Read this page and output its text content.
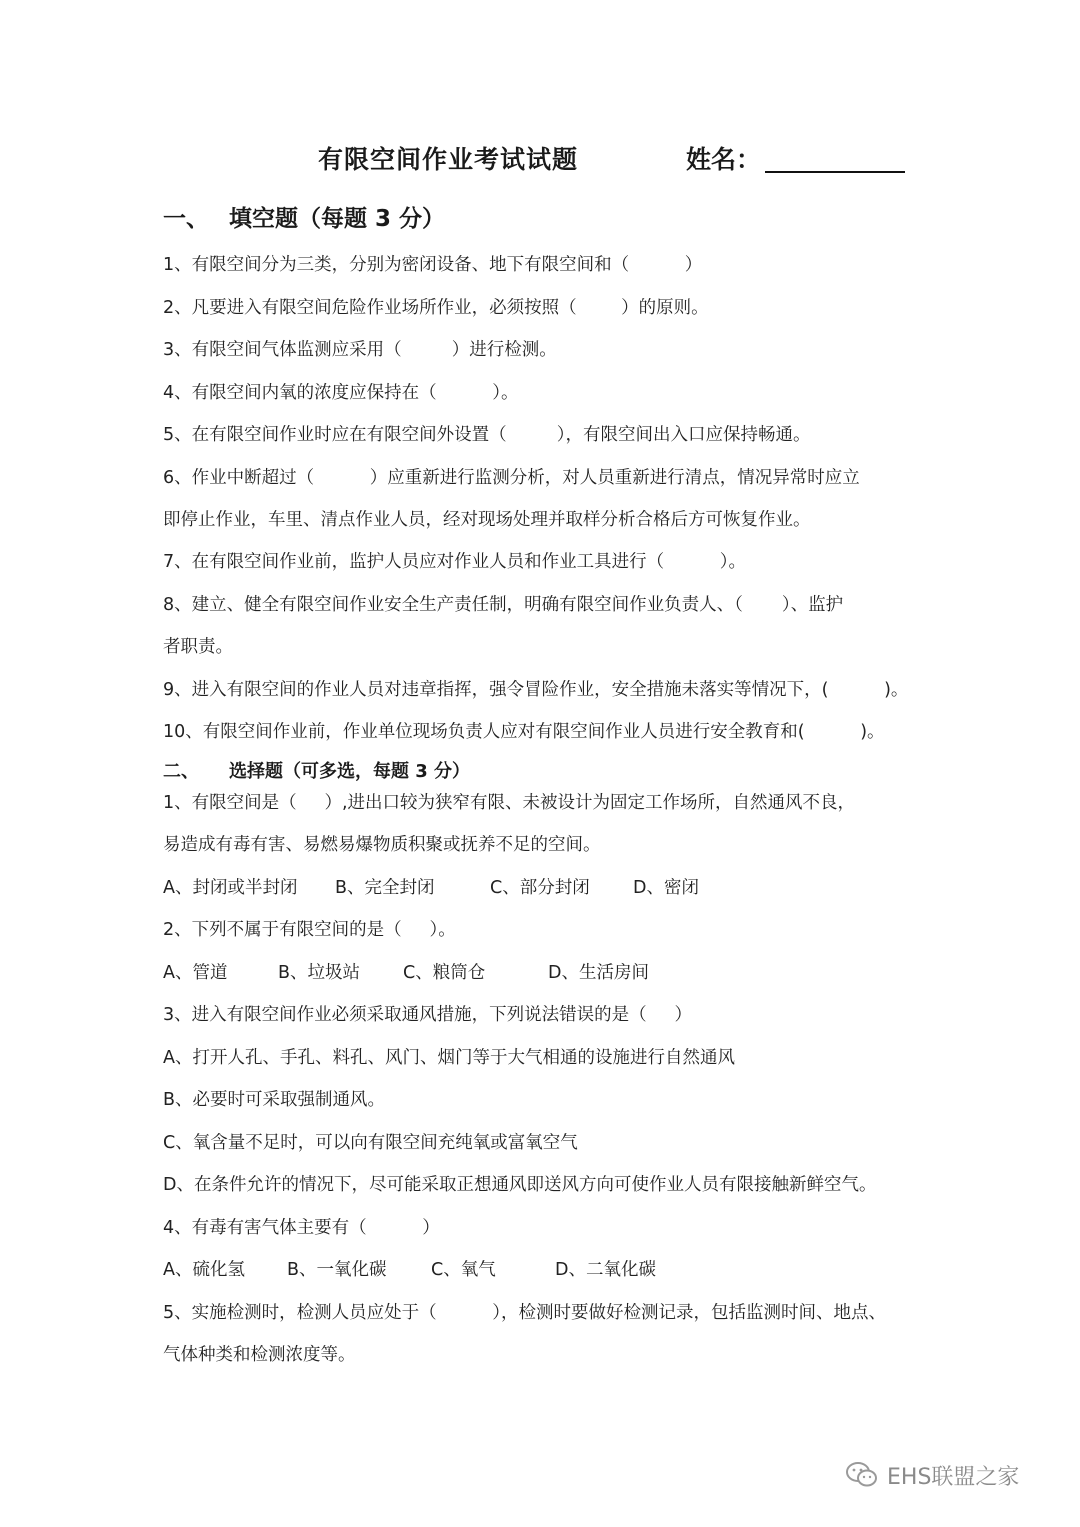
有限空间作业考试试题	姓名：
一、 填空题（每题 3 分）
1、有限空间分为三类，分别为密闭设备、地下有限空间和（          ）
2、凡要进入有限空间危险作业场所作业，必须按照（        ）的原则。
3、有限空间气体监测应采用（         ）进行检测。
4、有限空间内氧的浓度应保持在（          ）。
5、在有限空间作业时应在有限空间外设置（         ），有限空间出入口应保持畅通。
6、作业中断超过（          ）应重新进行监测分析，对人员重新进行清点，情况异常时应立
即停止作业，车里、清点作业人员，经对现场处理并取样分析合格后方可恢复作业。
7、在有限空间作业前，监护人员应对作业人员和作业工具进行（          ）。
8、建立、健全有限空间作业安全生产责任制，明确有限空间作业负责人、（       ）、监护
者职责。
9、进入有限空间的作业人员对违章指挥，强令冒险作业，安全措施未落实等情况下，(          )。
10、有限空间作业前，作业单位现场负责人应对有限空间作业人员进行安全教育和(          )。
二、 选择题（可多选，每题 3 分）
1、有限空间是（     ）,进出口较为狭窄有限、未被设计为固定工作场所，自然通风不良，
易造成有毒有害、易燃易爆物质积聚或抚养不足的空间。
A、封闭或半封闭 B、完全封闭	C、部分封闭 D、密闭
2、下列不属于有限空间的是（     ）。
A、管道	B、垃圾站 C、粮筒仓	D、生活房间
3、进入有限空间作业必须采取通风措施，下列说法错误的是（     ）
A、打开人孔、手孔、料孔、风门、烟门等于大气相通的设施进行自然通风
B、必要时可采取强制通风。
C、氧含量不足时，可以向有限空间充纯氧或富氧空气
D、在条件允许的情况下，尽可能采取正想通风即送风方向可使作业人员有限接触新鲜空气。
4、有毒有害气体主要有（          ）
A、硫化氢 B、一氧化碳	C、氧气	D、二氧化碳
5、实施检测时，检测人员应处于（          ），检测时要做好检测记录，包括监测时间、地点、
气体种类和检测浓度等。
EHS联盟之家
